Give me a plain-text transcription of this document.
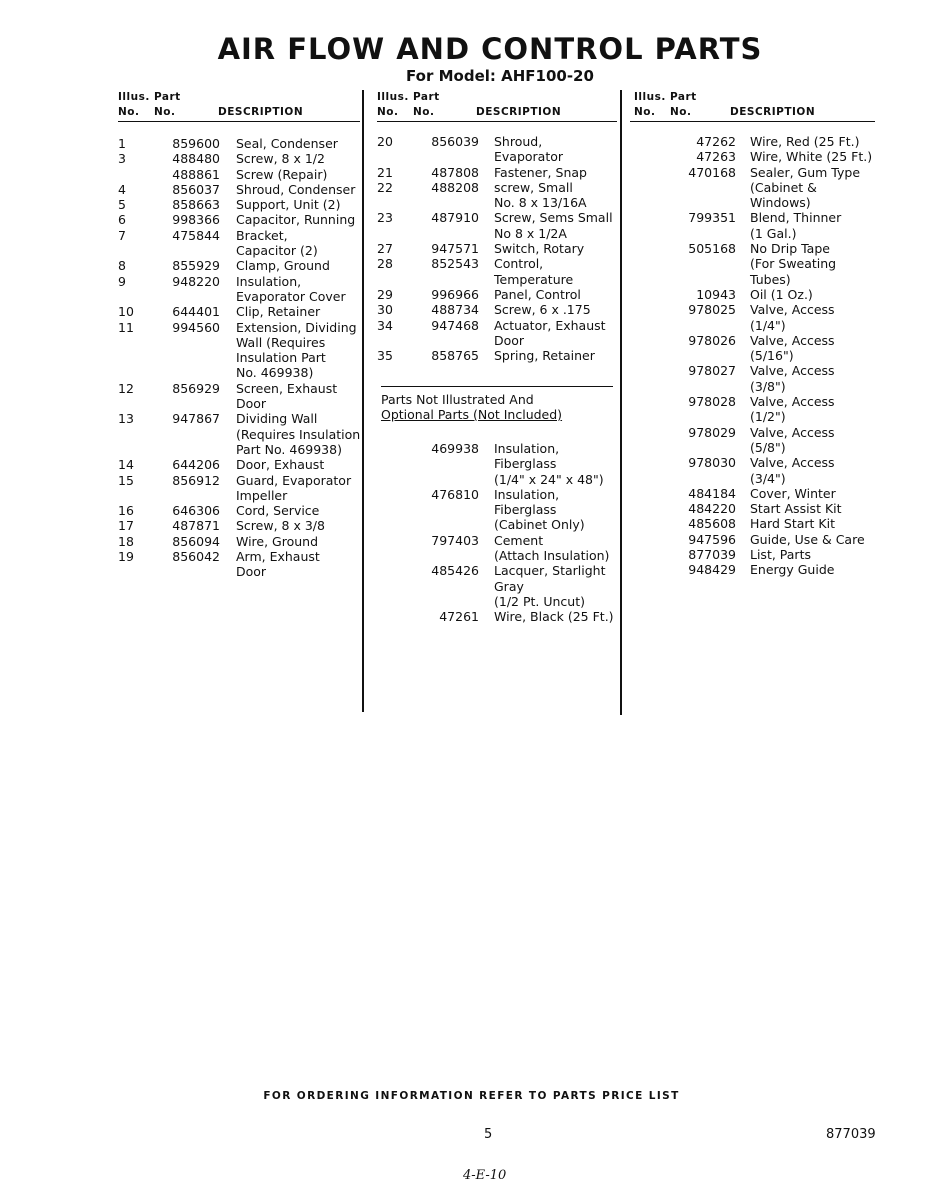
AIR FLOW AND CONTROL PARTS
For Model: AHF100-20
Illus. Part
No. No.	DESCRIPTION
1	859600 Seal, Condenser
3	488480 Screw, 8 x 1/2
488861 Screw (Repair)
4	856037 Shroud, Condenser
5	858663 Support, Unit (2)
6	998366 Capacitor, Running
7	475844 Bracket,
Capacitor (2)
8	855929 Clamp, Ground
9	948220 Insulation,
Evaporator Cover
10	644401 Clip, Retainer
11	994560 Extension, Dividing
Wall (Requires
Insulation Part
No. 469938)
12	856929 Screen, Exhaust
Door
13	947867 Dividing Wall
(Requires Insulation
Part No. 469938)
14	644206 Door, Exhaust
15	856912 Guard, Evaporator
Impeller
16	646306 Cord, Service
17	487871 Screw, 8 x 3/8
18	856094 Wire, Ground
19	856042 Arm, Exhaust
Door
Illus. Part
No. No.	DESCRIPTION
20	856039 Shroud,
Evaporator
21	487808 Fastener, Snap
22	488208 screw, Small
No. 8 x 13/16A
23	487910 Screw, Sems Small
No 8 x 1/2A
27	947571 Switch, Rotary
28	852543 Control,
Temperature
29	996966 Panel, Control
30	488734 Screw, 6 x .175
34	947468 Actuator, Exhaust
Door
35	858765 Spring, Retainer
Parts Not Illustrated And
Optional Parts (Not Included)
469938 Insulation,
Fiberglass
(1/4" x 24" x 48")
476810 Insulation,
Fiberglass
(Cabinet Only)
797403 Cement
(Attach Insulation)
485426 Lacquer, Starlight
Gray
(1/2 Pt. Uncut)
47261 Wire, Black (25 Ft.)
Illus. Part
No. No.	DESCRIPTION
47262 Wire, Red (25 Ft.)
47263 Wire, White (25 Ft.)
470168 Sealer, Gum Type
(Cabinet &
Windows)
799351 Blend, Thinner
(1 Gal.)
505168 No Drip Tape
(For Sweating
Tubes)
10943 Oil (1 Oz.)
978025 Valve, Access
(1/4")
978026 Valve, Access
(5/16")
978027 Valve, Access
(3/8")
978028 Valve, Access
(1/2")
978029 Valve, Access
(5/8")
978030 Valve, Access
(3/4")
484184 Cover, Winter
484220 Start Assist Kit
485608 Hard Start Kit
947596 Guide, Use & Care
877039 List, Parts
948429 Energy Guide
FOR ORDERING INFORMATION REFER TO PARTS PRICE LIST
5	877039
4-E-10
